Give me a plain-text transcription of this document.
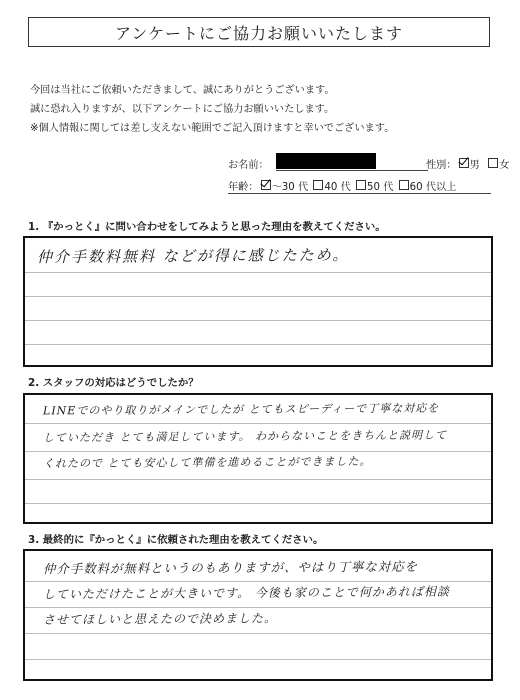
アンケートにご協力お願いいたします
今回は当社にご依頼いただきまして、誠にありがとうございます。
誠に恐れ入りますが、以下アンケートにご協力お願いいたします。
※個人情報に関しては差し支えない範囲でご記入頂けますと幸いでございます。
お名前：	性別： 男 女
年齢： ～30 代 40 代 50 代 60 代以上
1. 『かっとく』に問い合わせをしてみようと思った理由を教えてください。
仲介手数料無料 などが得に感じたため。
2. スタッフの対応はどうでしたか？
LINEでのやり取りがメインでしたが とてもスピーディーで丁寧な対応を
していただき とても満足しています。 わからないことをきちんと説明して
くれたので とても安心して準備を進めることができました。
3. 最終的に『かっとく』に依頼された理由を教えてください。
仲介手数料が無料というのもありますが、やはり丁寧な対応を
していただけたことが大きいです。 今後も家のことで何かあれば相談
させてほしいと思えたので決めました。
